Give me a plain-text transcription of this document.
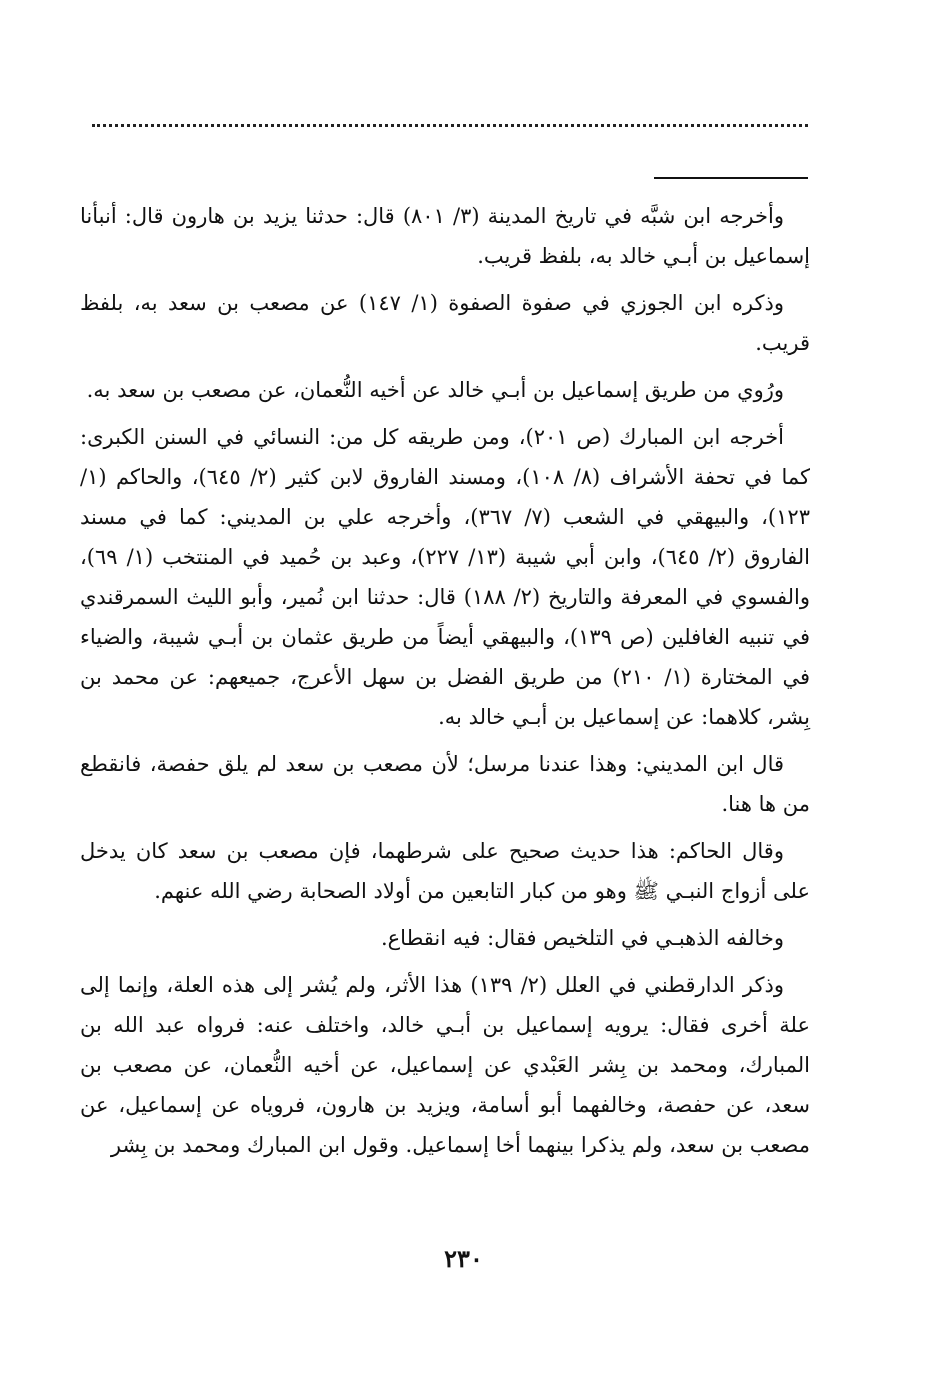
وأخرجه ابن شبَّه في تاريخ المدينة (٣/ ٨٠١) قال: حدثنا يزيد بن هارون قال: أنبأنا إسماعيل بن أبـي خالد به، بلفظ قريب.

وذكره ابن الجوزي في صفوة الصفوة (١/ ١٤٧) عن مصعب بن سعد به، بلفظ قريب.

ورُوي من طريق إسماعيل بن أبـي خالد عن أخيه النُّعمان، عن مصعب بن سعد به.

أخرجه ابن المبارك (ص ٢٠١)، ومن طريقه كل من: النسائي في السنن الكبرى: كما في تحفة الأشراف (٨/ ١٠٨)، ومسند الفاروق لابن كثير (٢/ ٦٤٥)، والحاكم (١/ ١٢٣)، والبيهقي في الشعب (٧/ ٣٦٧)، وأخرجه علي بن المديني: كما في مسند الفاروق (٢/ ٦٤٥)، وابن أبي شيبة (١٣/ ٢٢٧)، وعبد بن حُميد في المنتخب (١/ ٦٩)، والفسوي في المعرفة والتاريخ (٢/ ١٨٨) قال: حدثنا ابن نُمير، وأبو الليث السمرقندي في تنبيه الغافلين (ص ١٣٩)، والبيهقي أيضاً من طريق عثمان بن أبـي شيبة، والضياء في المختارة (١/ ٢١٠) من طريق الفضل بن سهل الأعرج، جميعهم: عن محمد بن بِشر، كلاهما: عن إسماعيل بن أبـي خالد به.

قال ابن المديني: وهذا عندنا مرسل؛ لأن مصعب بن سعد لم يلق حفصة، فانقطع من ها هنا.

وقال الحاكم: هذا حديث صحيح على شرطهما، فإن مصعب بن سعد كان يدخل على أزواج النبـي ﷺ وهو من كبار التابعين من أولاد الصحابة رضي الله عنهم.

وخالفه الذهبـي في التلخيص فقال: فيه انقطاع.

وذكر الدارقطني في العلل (٢/ ١٣٩) هذا الأثر، ولم يُشر إلى هذه العلة، وإنما إلى علة أخرى فقال: يرويه إسماعيل بن أبـي خالد، واختلف عنه: فرواه عبد الله بن المبارك، ومحمد بن بِشر العَبْدي عن إسماعيل، عن أخيه النُّعمان، عن مصعب بن سعد، عن حفصة، وخالفهما أبو أسامة، ويزيد بن هارون، فروياه عن إسماعيل، عن مصعب بن سعد، ولم يذكرا بينهما أخا إسماعيل. وقول ابن المبارك ومحمد بن بِشر

٢٣٠
